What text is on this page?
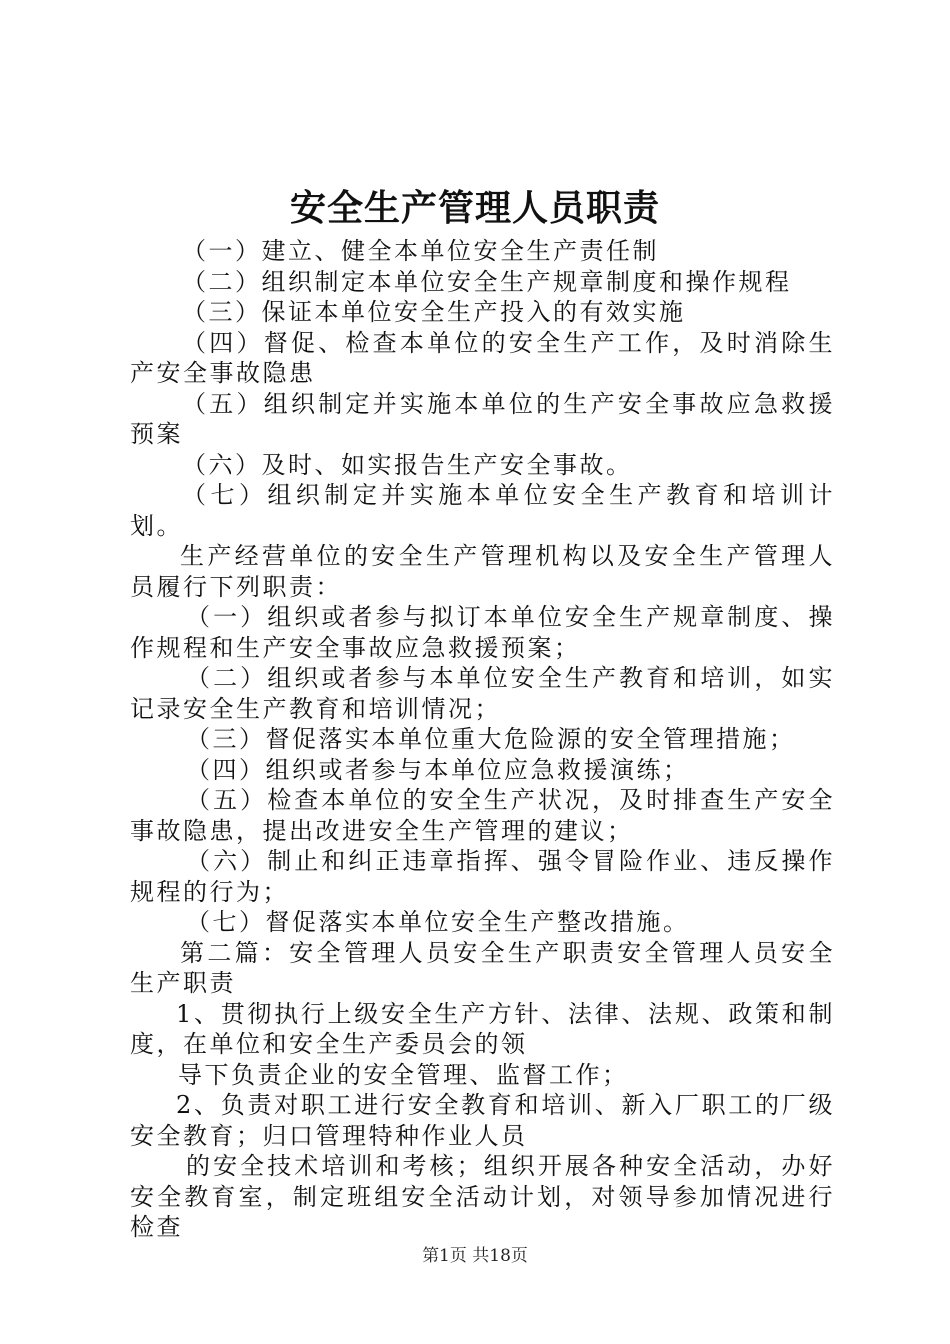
安全生产管理人员职责

（一）建立、健全本单位安全生产责任制

（二）组织制定本单位安全生产规章制度和操作规程

（三）保证本单位安全生产投入的有效实施

（四）督促、检查本单位的安全生产工作，及时消除生产安全事故隐患

（五）组织制定并实施本单位的生产安全事故应急救援预案

（六）及时、如实报告生产安全事故。

（七）组织制定并实施本单位安全生产教育和培训计划。

生产经营单位的安全生产管理机构以及安全生产管理人员履行下列职责：

（一）组织或者参与拟订本单位安全生产规章制度、操作规程和生产安全事故应急救援预案；

（二）组织或者参与本单位安全生产教育和培训，如实记录安全生产教育和培训情况；

（三）督促落实本单位重大危险源的安全管理措施；

（四）组织或者参与本单位应急救援演练；

（五）检查本单位的安全生产状况，及时排查生产安全事故隐患，提出改进安全生产管理的建议；

（六）制止和纠正违章指挥、强令冒险作业、违反操作规程的行为；

（七）督促落实本单位安全生产整改措施。

第二篇：安全管理人员安全生产职责安全管理人员安全生产职责

1、贯彻执行上级安全生产方针、法律、法规、政策和制度，在单位和安全生产委员会的领

导下负责企业的安全管理、监督工作；

2、负责对职工进行安全教育和培训、新入厂职工的厂级安全教育；归口管理特种作业人员

的安全技术培训和考核；组织开展各种安全活动，办好安全教育室，制定班组安全活动计划，对领导参加情况进行检查

第1页 共18页
